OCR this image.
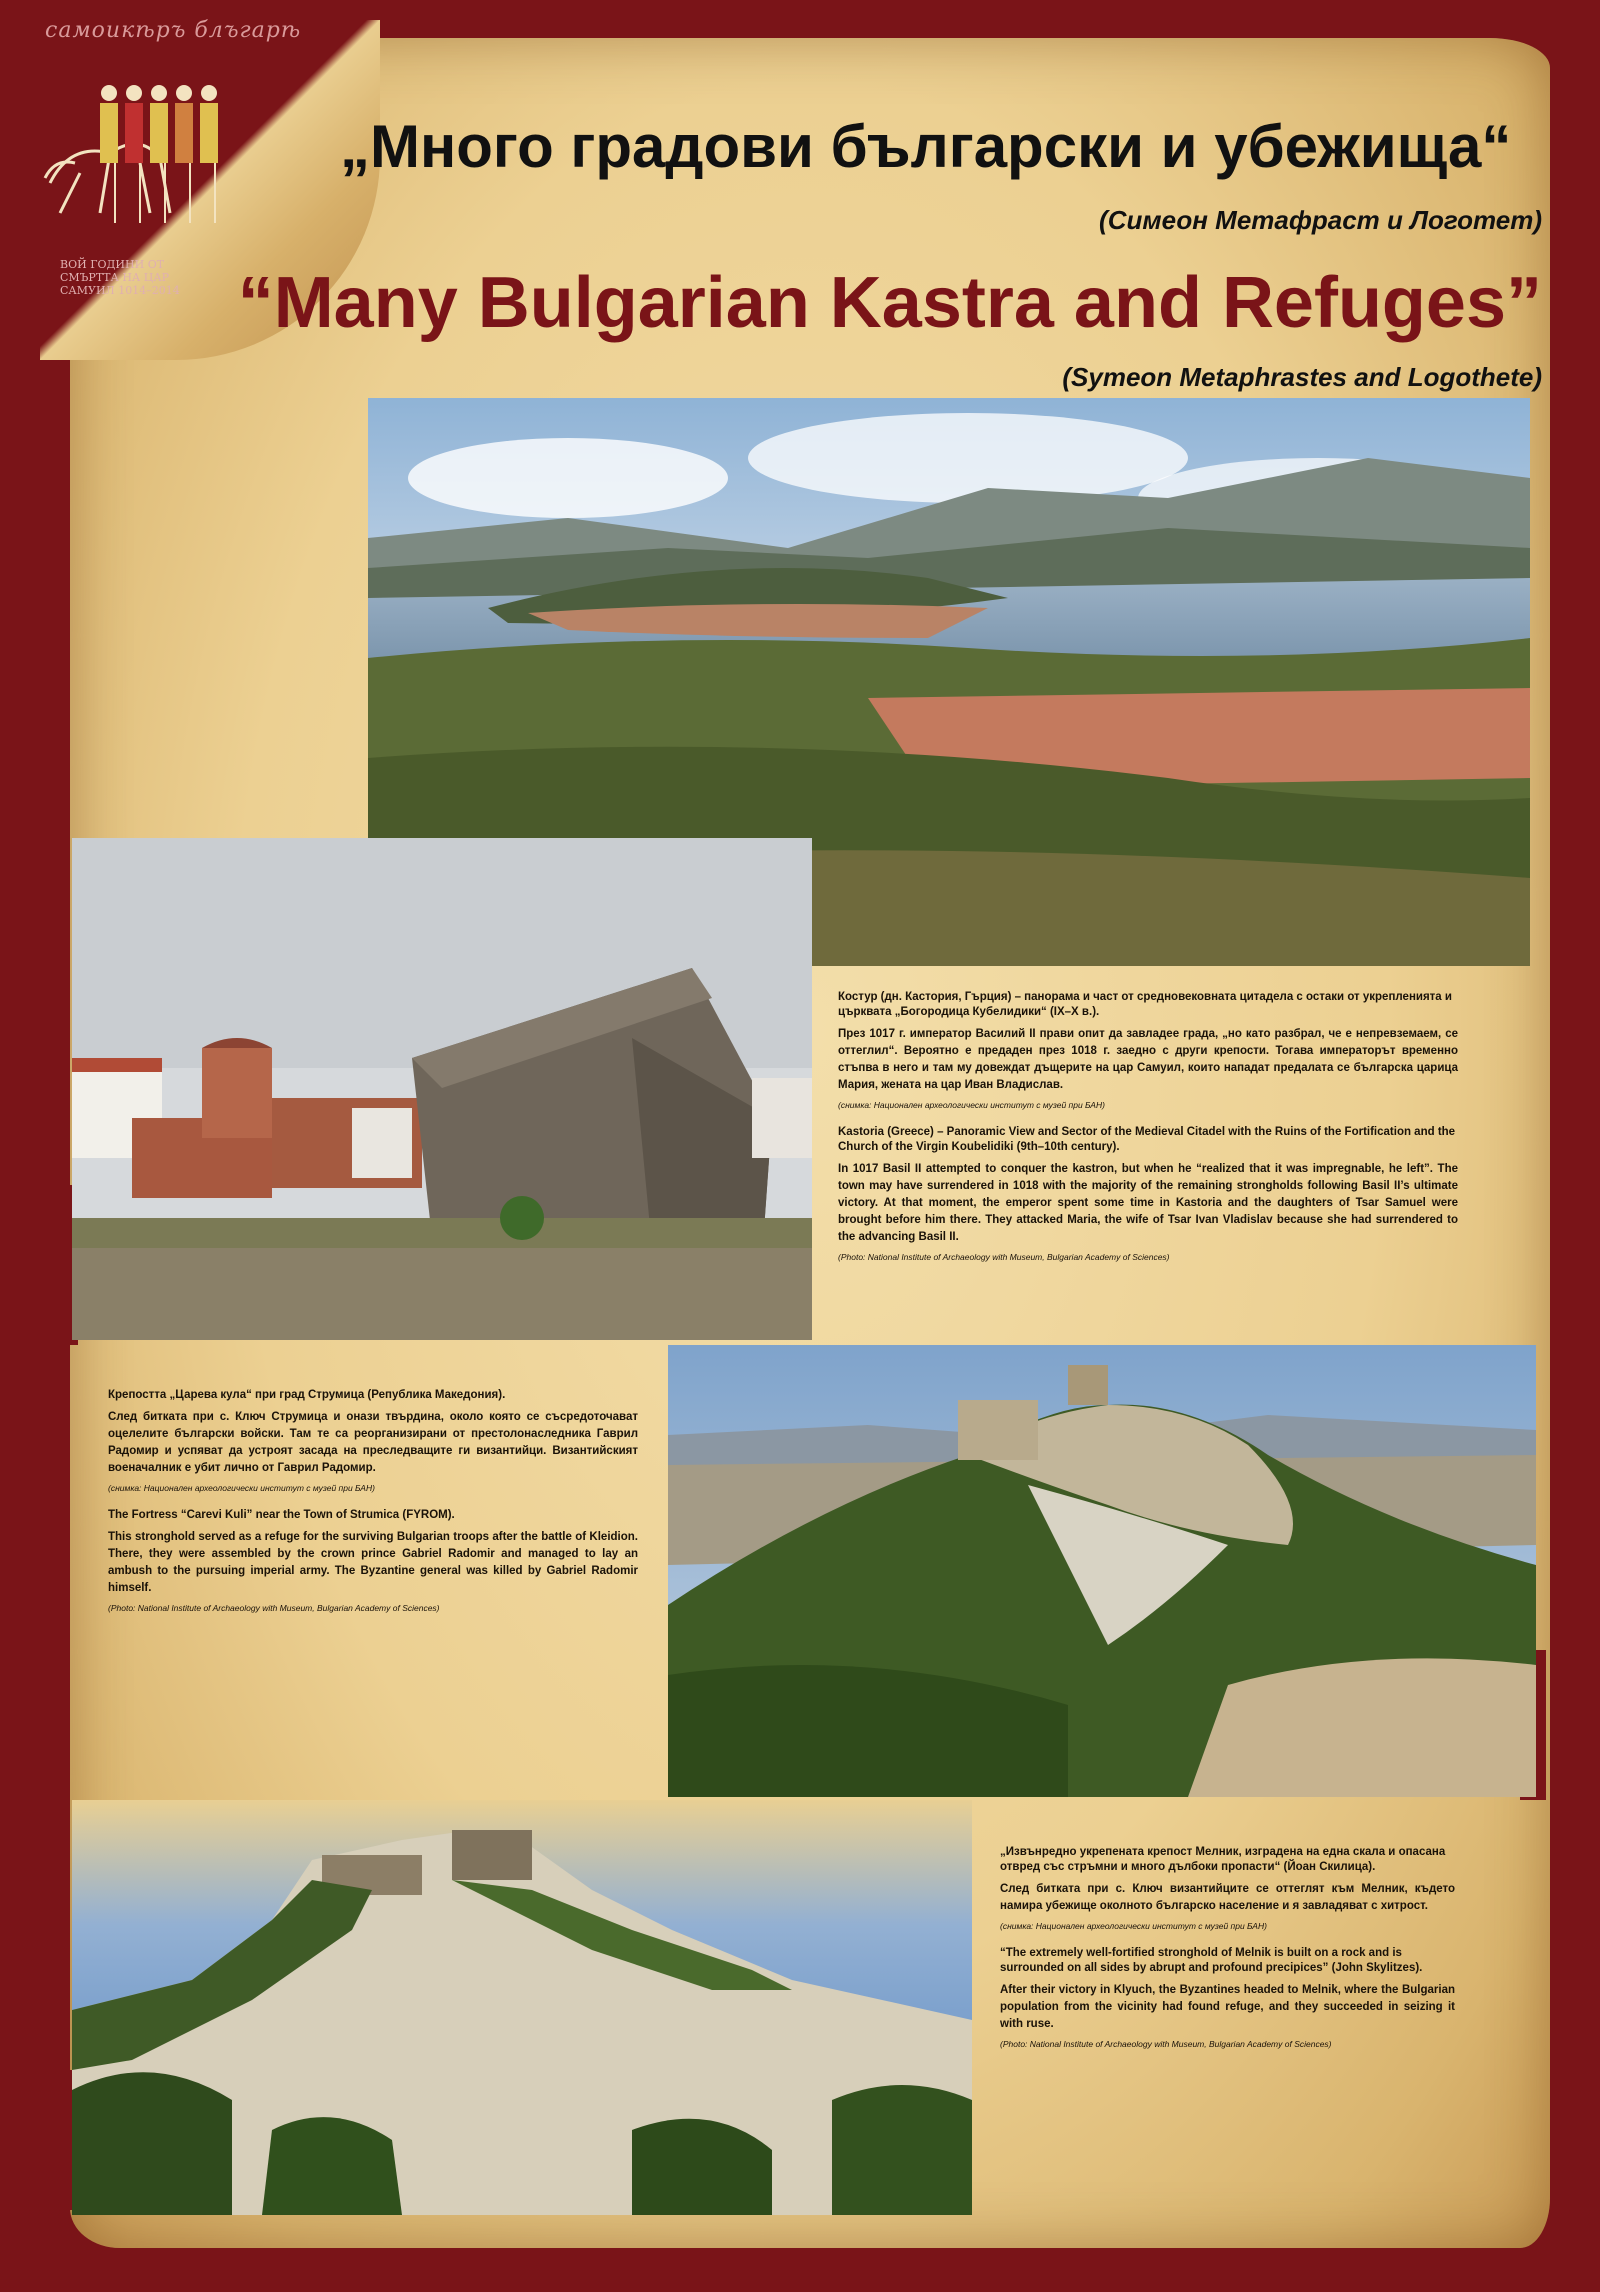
самоикѣръ блъгарѣ
ВОЙ ГОДИНИ ОТ СМЪРТТА НА ЦАР САМУИЛ 1014–2014
„Много градови български и убежища“
(Симеон Метафраст и Логотет)
“Many Bulgarian Kastra and Refuges”
(Symeon Metaphrastes and Logothete)

Костур (дн. Кастория, Гърция) – панорама и част от средновековната цитадела с остаки от укрепленията и църквата „Богородица Кубелидики“ (IX–X в.).

През 1017 г. император Василий II прави опит да завладее града, „но като разбрал, че е непревземаем, се оттеглил“. Вероятно е предаден през 1018 г. заедно с други крепости. Тогава императорът временно стъпва в него и там му довеждат дъщерите на цар Самуил, които нападат предалата се българска царица Мария, жената на цар Иван Владислав.

(снимка: Национален археологически институт с музей при БАН)

Kastoria (Greece) – Panoramic View and Sector of the Medieval Citadel with the Ruins of the Fortification and the Church of the Virgin Koubelidiki (9th–10th century).

In 1017 Basil II attempted to conquer the kastron, but when he “realized that it was impregnable, he left”. The town may have surrendered in 1018 with the majority of the remaining strongholds following Basil II’s ultimate victory. At that moment, the emperor spent some time in Kastoria and the daughters of Tsar Samuel were brought before him there. They attacked Maria, the wife of Tsar Ivan Vladislav because she had surrendered to the advancing Basil II.

(Photo: National Institute of Archaeology with Museum, Bulgarian Academy of Sciences)

Крепостта „Царева кула“ при град Струмица (Република Македония).

След битката при с. Ключ Струмица и онази твърдина, около която се съсредоточават оцелелите български войски. Там те са реорганизирани от престолонаследника Гаврил Радомир и успяват да устроят засада на преследващите ги византийци. Византийският военачалник е убит лично от Гаврил Радомир.

(снимка: Национален археологически институт с музей при БАН)

The Fortress “Carevi Kuli” near the Town of Strumica (FYROM).

This stronghold served as a refuge for the surviving Bulgarian troops after the battle of Kleidion. There, they were assembled by the crown prince Gabriel Radomir and managed to lay an ambush to the pursuing imperial army. The Byzantine general was killed by Gabriel Radomir himself.

(Photo: National Institute of Archaeology with Museum, Bulgarian Academy of Sciences)

„Извънредно укрепената крепост Мелник, изградена на една скала и опасана отвред със стръмни и много дълбоки пропасти“ (Йоан Скилица).

След битката при с. Ключ византийците се оттеглят към Мелник, където намира убежище околното българско население и я завладяват с хитрост.

(снимка: Национален археологически институт с музей при БАН)

“The extremely well-fortified stronghold of Melnik is built on a rock and is surrounded on all sides by abrupt and profound precipices” (John Skylitzes).

After their victory in Klyuch, the Byzantines headed to Melnik, where the Bulgarian population from the vicinity had found refuge, and they succeeded in seizing it with ruse.

(Photo: National Institute of Archaeology with Museum, Bulgarian Academy of Sciences)
